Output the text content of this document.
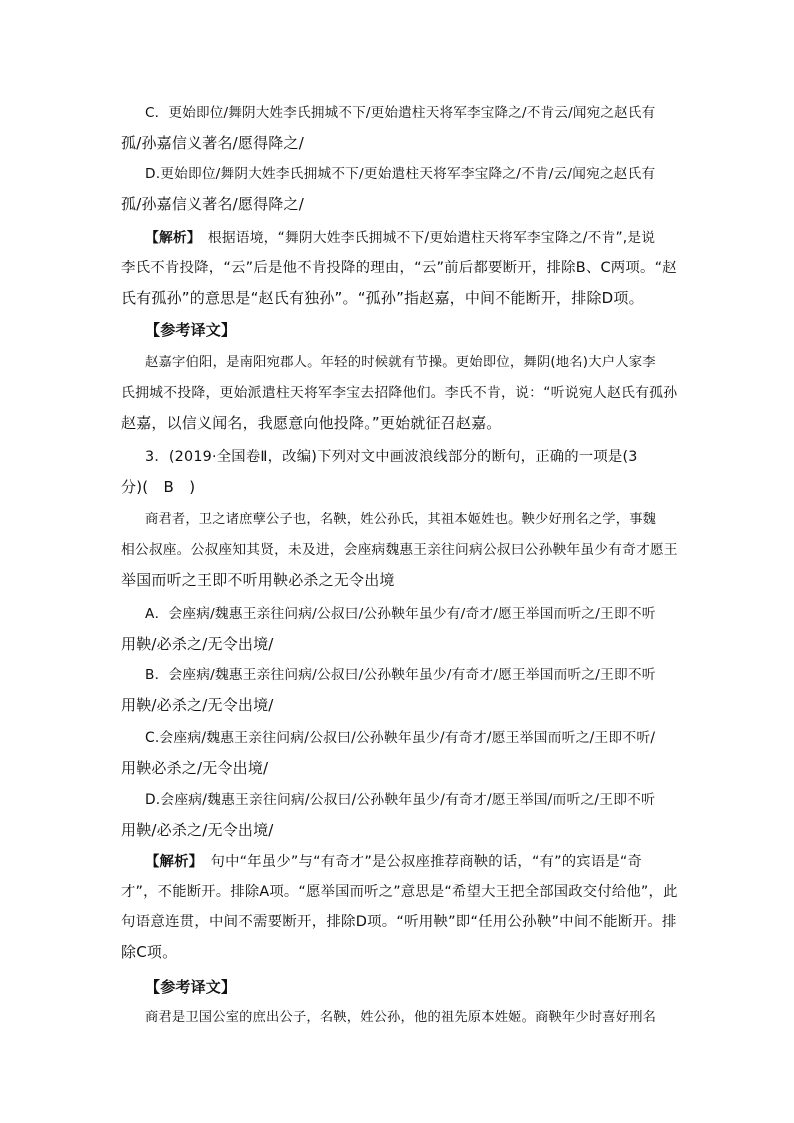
C．更始即位/舞阴大姓李氏拥城不下/更始遣柱天将军李宝降之/不肯云/闻宛之赵氏有
孤/孙嘉信义著名/愿得降之/

D.更始即位/舞阴大姓李氏拥城不下/更始遣柱天将军李宝降之/不肯/云/闻宛之赵氏有
孤/孙嘉信义著名/愿得降之/

【解析】　根据语境，“舞阴大姓李氏拥城不下/更始遣柱天将军李宝降之/不肯”,是说
李氏不肯投降，“云”后是他不肯投降的理由，“云”前后都要断开，排除B、C两项。“赵
氏有孤孙”的意思是“赵氏有独孙”。“孤孙”指赵嘉，中间不能断开，排除D项。

【参考译文】

赵嘉字伯阳，是南阳宛郡人。年轻的时候就有节操。更始即位，舞阴(地名)大户人家李
氏拥城不投降，更始派遣柱天将军李宝去招降他们。李氏不肯，说：“听说宛人赵氏有孤孙
赵嘉，以信义闻名，我愿意向他投降。”更始就征召赵嘉。

3．(2019·全国卷Ⅱ，改编)下列对文中画波浪线部分的断句，正确的一项是(3
分)(　B　)

商君者，卫之诸庶孽公子也，名鞅，姓公孙氏，其祖本姬姓也。鞅少好刑名之学，事魏
相公叔座。公叔座知其贤，未及进，会座病魏惠王亲往问病公叔曰公孙鞅年虽少有奇才愿王
举国而听之王即不听用鞅必杀之无令出境

A．会座病/魏惠王亲往问病/公叔曰/公孙鞅年虽少有/奇才/愿王举国而听之/王即不听
用鞅/必杀之/无令出境/

B．会座病/魏惠王亲往问病/公叔曰/公孙鞅年虽少/有奇才/愿王举国而听之/王即不听
用鞅/必杀之/无令出境/

C.会座病/魏惠王亲往问病/公叔曰/公孙鞅年虽少/有奇才/愿王举国而听之/王即不听/
用鞅必杀之/无令出境/

D.会座病/魏惠王亲往问病/公叔曰/公孙鞅年虽少/有奇才/愿王举国/而听之/王即不听
用鞅/必杀之/无令出境/

【解析】　句中“年虽少”与“有奇才”是公叔座推荐商鞅的话，“有”的宾语是“奇
才”，不能断开。排除A项。“愿举国而听之”意思是“希望大王把全部国政交付给他”，此
句语意连贯，中间不需要断开，排除D项。“听用鞅”即“任用公孙鞅”中间不能断开。排
除C项。

【参考译文】

商君是卫国公室的庶出公子，名鞅，姓公孙，他的祖先原本姓姬。商鞅年少时喜好刑名
